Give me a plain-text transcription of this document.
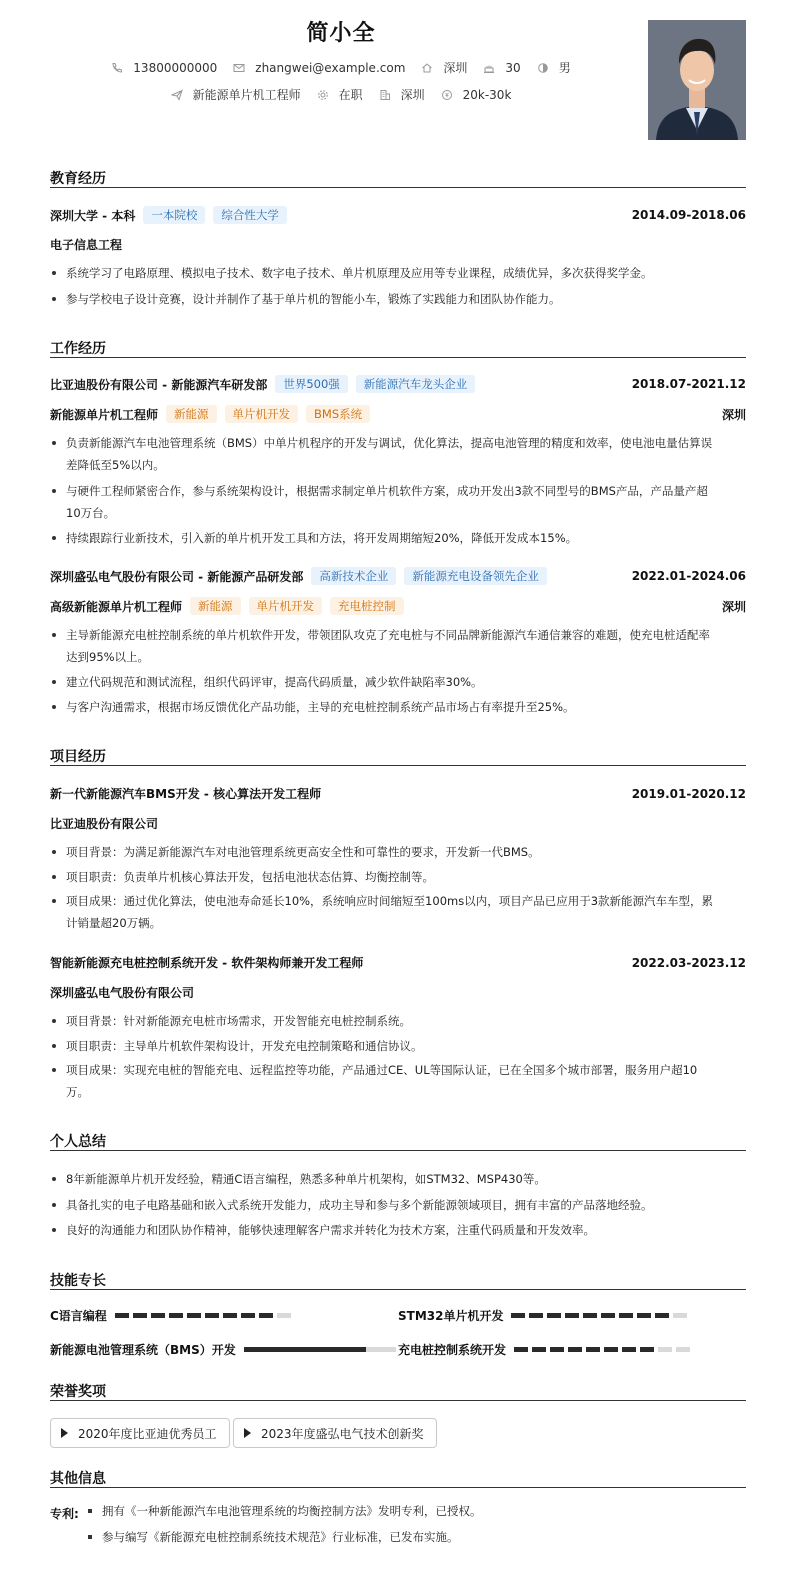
简小全
13800000000	zhangwei@example.com	深圳	30	男
新能源单片机工程师	在职	深圳	20k-30k
教育经历
深圳大学 - 本科	一本院校	综合性大学	2014.09-2018.06
电子信息工程
系统学习了电路原理、模拟电子技术、数字电子技术、单片机原理及应用等专业课程，成绩优异，多次获得奖学金。
参与学校电子设计竞赛，设计并制作了基于单片机的智能小车，锻炼了实践能力和团队协作能力。
工作经历
比亚迪股份有限公司 - 新能源汽车研发部	世界500强	新能源汽车龙头企业	2018.07-2021.12
新能源单片机工程师	新能源	单片机开发	BMS系统	深圳
负责新能源汽车电池管理系统（BMS）中单片机程序的开发与调试，优化算法，提高电池管理的精度和效率，使电池电量估算误
差降低至5%以内。
与硬件工程师紧密合作，参与系统架构设计，根据需求制定单片机软件方案，成功开发出3款不同型号的BMS产品，产品量产超
10万台。
持续跟踪行业新技术，引入新的单片机开发工具和方法，将开发周期缩短20%，降低开发成本15%。
深圳盛弘电气股份有限公司 - 新能源产品研发部	高新技术企业	新能源充电设备领先企业	2022.01-2024.06
高级新能源单片机工程师	新能源	单片机开发	充电桩控制	深圳
主导新能源充电桩控制系统的单片机软件开发，带领团队攻克了充电桩与不同品牌新能源汽车通信兼容的难题，使充电桩适配率
达到95%以上。
建立代码规范和测试流程，组织代码评审，提高代码质量，减少软件缺陷率30%。
与客户沟通需求，根据市场反馈优化产品功能，主导的充电桩控制系统产品市场占有率提升至25%。
项目经历
新一代新能源汽车BMS开发 - 核心算法开发工程师	2019.01-2020.12
比亚迪股份有限公司
项目背景：为满足新能源汽车对电池管理系统更高安全性和可靠性的要求，开发新一代BMS。
项目职责：负责单片机核心算法开发，包括电池状态估算、均衡控制等。
项目成果：通过优化算法，使电池寿命延长10%，系统响应时间缩短至100ms以内，项目产品已应用于3款新能源汽车车型，累
计销量超20万辆。
智能新能源充电桩控制系统开发 - 软件架构师兼开发工程师	2022.03-2023.12
深圳盛弘电气股份有限公司
项目背景：针对新能源充电桩市场需求，开发智能充电桩控制系统。
项目职责：主导单片机软件架构设计，开发充电控制策略和通信协议。
项目成果：实现充电桩的智能充电、远程监控等功能，产品通过CE、UL等国际认证，已在全国多个城市部署，服务用户超10
万。
个人总结
8年新能源单片机开发经验，精通C语言编程，熟悉多种单片机架构，如STM32、MSP430等。
具备扎实的电子电路基础和嵌入式系统开发能力，成功主导和参与多个新能源领域项目，拥有丰富的产品落地经验。
良好的沟通能力和团队协作精神，能够快速理解客户需求并转化为技术方案，注重代码质量和开发效率。
技能专长
C语言编程	STM32单片机开发
新能源电池管理系统（BMS）开发	充电桩控制系统开发
荣誉奖项
2020年度比亚迪优秀员工	2023年度盛弘电气技术创新奖
其他信息
专利:	拥有《一种新能源汽车电池管理系统的均衡控制方法》发明专利，已授权。
参与编写《新能源充电桩控制系统技术规范》行业标准，已发布实施。
